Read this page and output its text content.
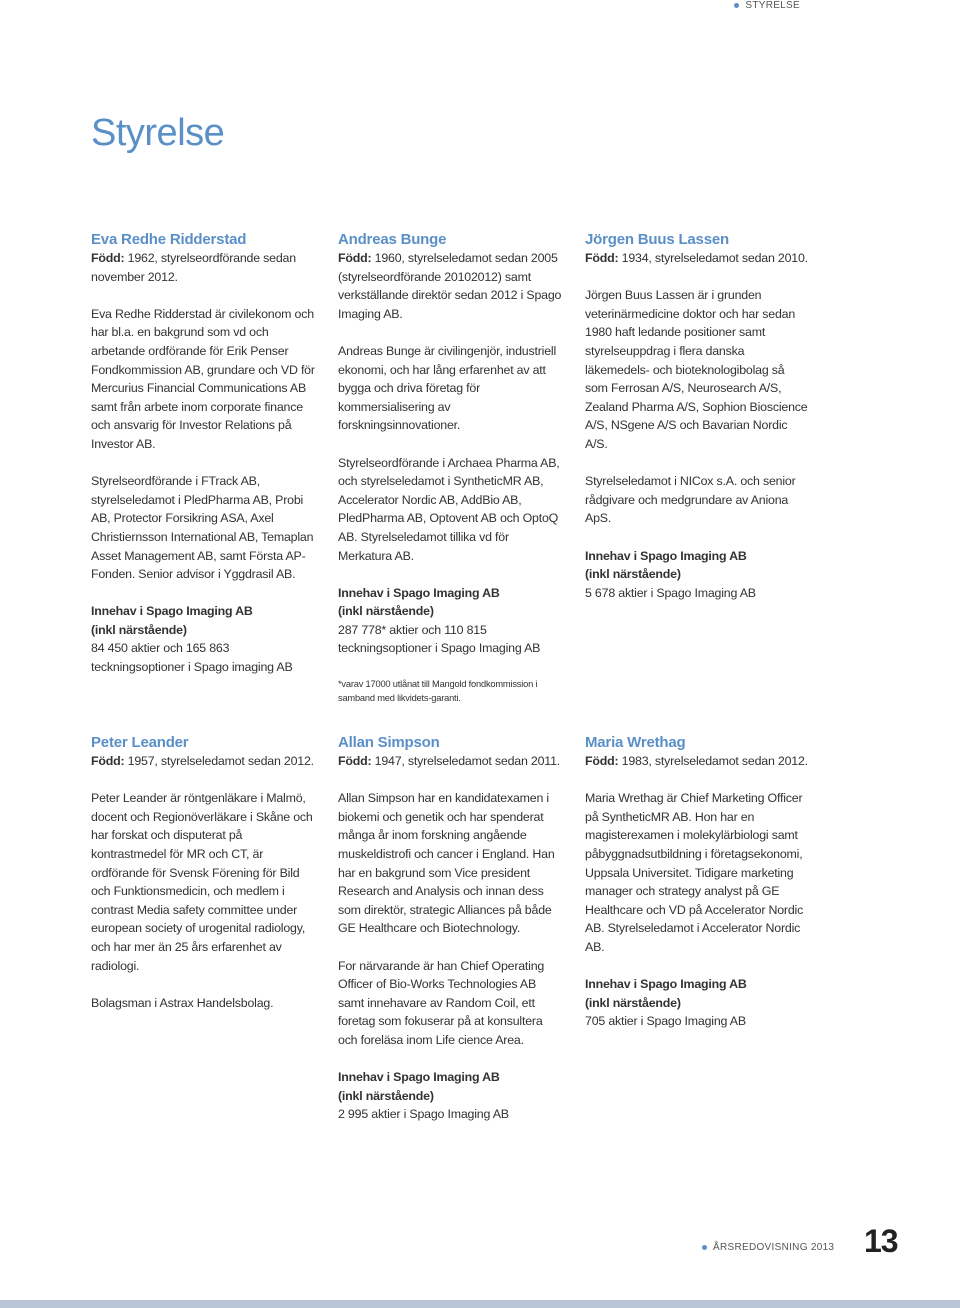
STYRELSE
Styrelse

Eva Redhe Ridderstad

Född: 1962, styrelseordförande sedan november 2012.

Eva Redhe Ridderstad är civilekonom och har bl.a. en bakgrund som vd och arbetande ordförande för Erik Penser Fondkommission AB, grundare och VD för Mercurius Financial Communications AB samt från arbete inom corporate finance och ansvarig för Investor Relations på Investor AB.

Styrelseordförande i FTrack AB, styrelseledamot i PledPharma AB, Probi AB, Protector Forsikring ASA, Axel Christiernsson International AB, Temaplan Asset Management AB, samt Första AP-Fonden. Senior advisor i Yggdrasil AB.

Innehav i Spago Imaging AB

(inkl närstående)

84 450 aktier och 165 863 teckningsoptioner i Spago imaging AB

Andreas Bunge

Född: 1960, styrelseledamot sedan 2005 (styrelseordförande 20102012) samt verkställande direktör sedan 2012 i Spago Imaging AB.

Andreas Bunge är civilingenjör, industriell ekonomi, och har lång erfarenhet av att bygga och driva företag för kommersialisering av forskningsinnovationer.

Styrelseordförande i Archaea Pharma AB, och styrelseledamot i SyntheticMR AB, Accelerator Nordic AB, AddBio AB, PledPharma AB, Optovent AB och OptoQ AB. Styrelseledamot tillika vd för Merkatura AB.

Innehav i Spago Imaging AB

(inkl närstående)

287 778* aktier och 110 815 teckningsoptioner i Spago Imaging AB

*varav 17000 utlånat till Mangold fondkommission i samband med likvidets-garanti.

Jörgen Buus Lassen

Född: 1934, styrelseledamot sedan 2010.

Jörgen Buus Lassen är i grunden veterinärmedicine doktor och har sedan 1980 haft ledande positioner samt styrelseuppdrag i flera danska läkemedels- och bioteknologibolag så som Ferrosan A/S, Neurosearch A/S, Zealand Pharma A/S, Sophion Bioscience A/S, NSgene A/S och Bavarian Nordic A/S.

Styrelseledamot i NICox s.A. och senior rådgivare och medgrundare av Aniona ApS.

Innehav i Spago Imaging AB

(inkl närstående)

5 678 aktier i Spago Imaging AB

Peter Leander

Född: 1957, styrelseledamot sedan 2012.

Peter Leander är röntgenläkare i Malmö, docent och Regionöverläkare i Skåne och har forskat och disputerat på kontrastmedel för MR och CT, är ordförande för Svensk Förening för Bild och Funktionsmedicin, och medlem i contrast Media safety committee under european society of urogenital radiology, och har mer än 25 års erfarenhet av radiologi.

Bolagsman i Astrax Handelsbolag.

Allan Simpson

Född: 1947, styrelseledamot sedan 2011.

Allan Simpson har en kandidatexamen i biokemi och genetik och har spenderat många år inom forskning angående muskeldistrofi och cancer i England. Han har en bakgrund som Vice president Research and Analysis och innan dess som direktör, strategic Alliances på både GE Healthcare och Biotechnology.

For närvarande är han Chief Operating Officer of Bio-Works Technologies AB samt innehavare av Random Coil, ett foretag som fokuserar på at konsultera och foreläsa inom Life cience Area.

Innehav i Spago Imaging AB

(inkl närstående)

2 995 aktier i Spago Imaging AB

Maria Wrethag

Född: 1983, styrelseledamot sedan 2012.

Maria Wrethag är Chief Marketing Officer på SyntheticMR AB. Hon har en magisterexamen i molekylärbiologi samt påbyggnadsutbildning i företagsekonomi, Uppsala Universitet. Tidigare marketing manager och strategy analyst på GE Healthcare och VD på Accelerator Nordic AB. Styrelseledamot i Accelerator Nordic AB.

Innehav i Spago Imaging AB

(inkl närstående)

705 aktier i Spago Imaging AB

ÅRSREDOVISNING 2013 13
